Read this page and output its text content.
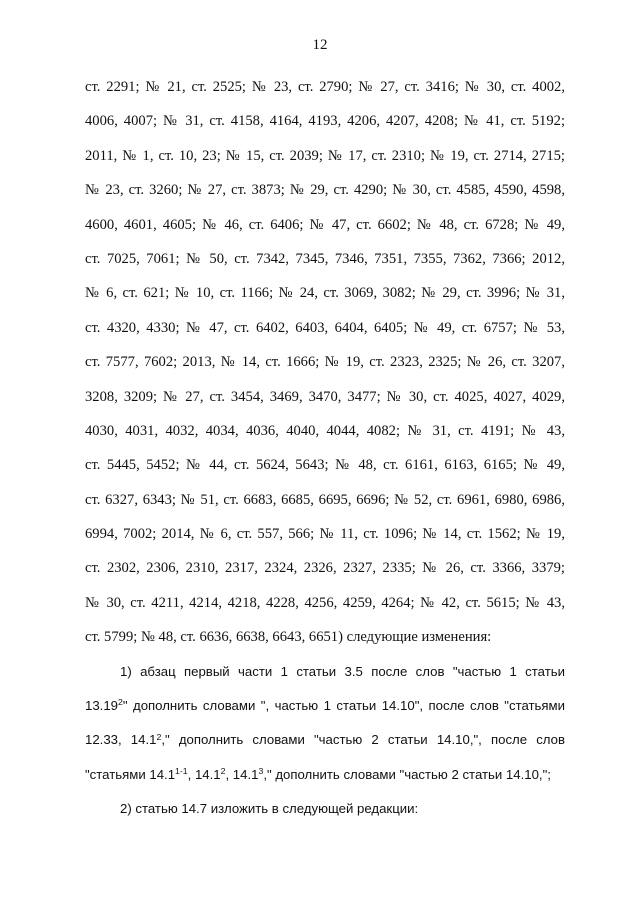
12
ст. 2291; № 21, ст. 2525; № 23, ст. 2790; № 27, ст. 3416; № 30, ст. 4002,
4006, 4007; № 31, ст. 4158, 4164, 4193, 4206, 4207, 4208; № 41, ст. 5192;
2011, № 1, ст. 10, 23; № 15, ст. 2039; № 17, ст. 2310; № 19, ст. 2714, 2715;
№ 23, ст. 3260; № 27, ст. 3873; № 29, ст. 4290; № 30, ст. 4585, 4590, 4598,
4600, 4601, 4605; № 46, ст. 6406; № 47, ст. 6602; № 48, ст. 6728; № 49,
ст. 7025, 7061; № 50, ст. 7342, 7345, 7346, 7351, 7355, 7362, 7366; 2012,
№ 6, ст. 621; № 10, ст. 1166; № 24, ст. 3069, 3082; № 29, ст. 3996; № 31,
ст. 4320, 4330; № 47, ст. 6402, 6403, 6404, 6405; № 49, ст. 6757; № 53,
ст. 7577, 7602; 2013, № 14, ст. 1666; № 19, ст. 2323, 2325; № 26, ст. 3207,
3208, 3209; № 27, ст. 3454, 3469, 3470, 3477; № 30, ст. 4025, 4027, 4029,
4030, 4031, 4032, 4034, 4036, 4040, 4044, 4082; № 31, ст. 4191; № 43,
ст. 5445, 5452; № 44, ст. 5624, 5643; № 48, ст. 6161, 6163, 6165; № 49,
ст. 6327, 6343; № 51, ст. 6683, 6685, 6695, 6696; № 52, ст. 6961, 6980, 6986,
6994, 7002; 2014, № 6, ст. 557, 566; № 11, ст. 1096; № 14, ст. 1562; № 19,
ст. 2302, 2306, 2310, 2317, 2324, 2326, 2327, 2335; № 26, ст. 3366, 3379;
№ 30, ст. 4211, 4214, 4218, 4228, 4256, 4259, 4264; № 42, ст. 5615; № 43,
ст. 5799; № 48, ст. 6636, 6638, 6643, 6651) следующие изменения:
1) абзац первый части 1 статьи 3.5 после слов "частью 1 статьи
13.19$^2$" дополнить словами ", частью 1 статьи 14.10", после слов "статьями
12.33, 14.1$^2$," дополнить словами "частью 2 статьи 14.10,", после слов
"статьями 14.1$^{1-1}$, 14.1$^2$, 14.1$^3$," дополнить словами "частью 2 статьи 14.10,";
2) статью 14.7 изложить в следующей редакции:
